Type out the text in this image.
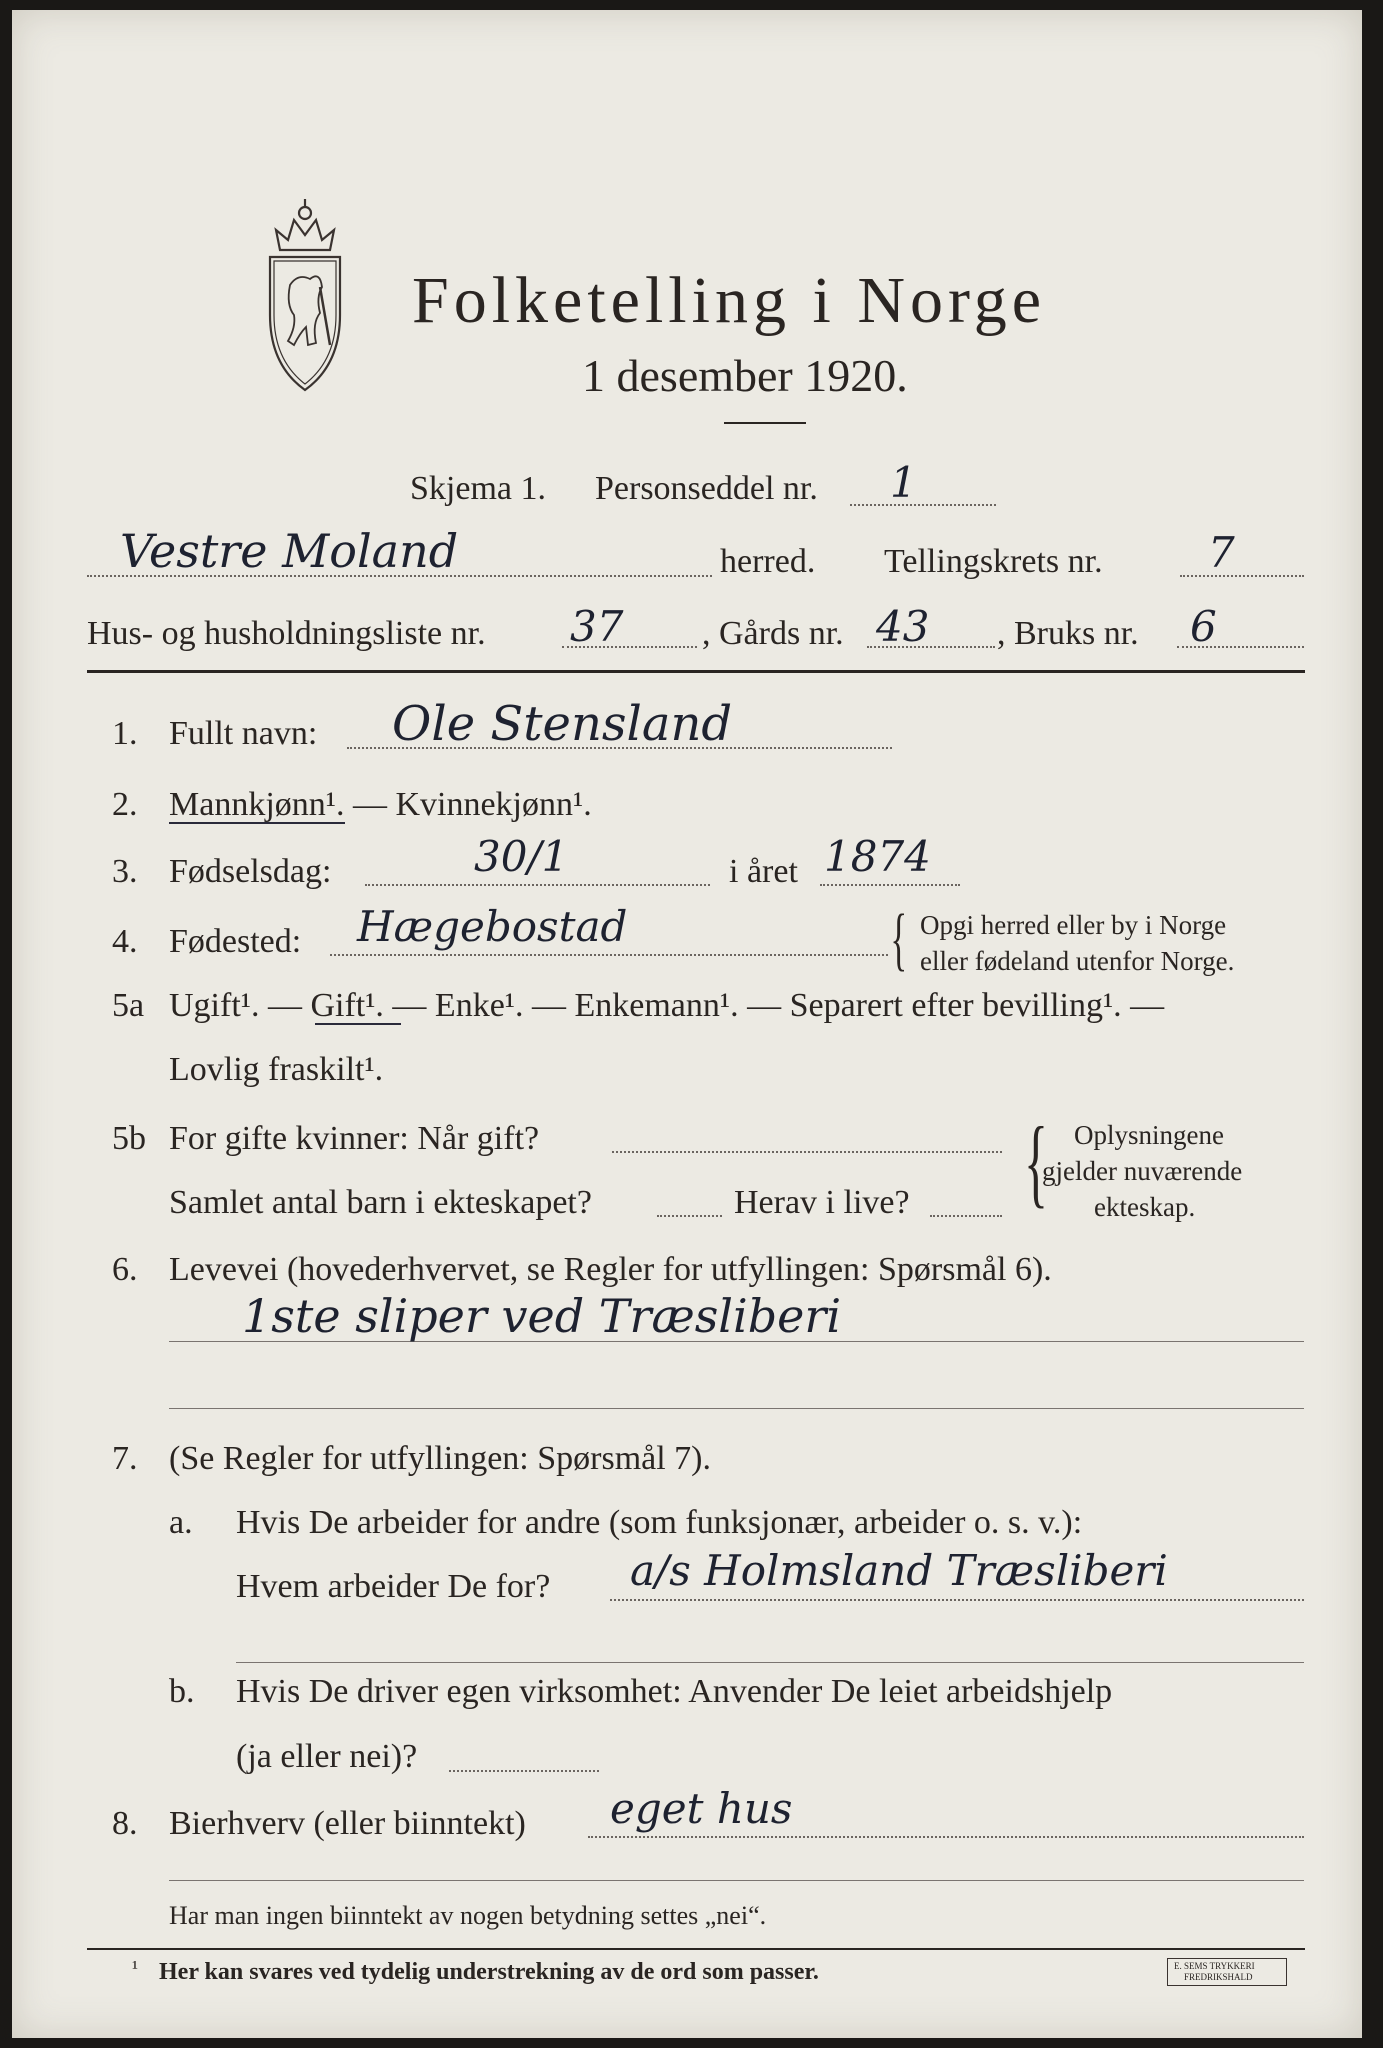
Folketelling i Norge
1 desember 1920.
Skjema 1. Personseddel nr. 1
Vestre Moland	herred. Tellingskrets nr.	7
Hus- og husholdningsliste nr. 37 , Gårds nr. 43 , Bruks nr. 6
1. Fullt navn: Ole Stensland
2. Mannkjønn¹. — Kvinnekjønn¹.
3. Fødselsdag:	30/1	i året 1874
4. Fødested: Hægebostad	{ Opgi herred eller by i Norge
eller fødeland utenfor Norge.
5a Ugift¹. — Gift¹. — Enke¹. — Enkemann¹. — Separert efter bevilling¹. —
Lovlig fraskilt¹.
5b For gifte kvinner: Når gift?
Samlet antal barn i ekteskapet?	Herav i live? { Oplysningene
gjelder nuværende
ekteskap.
6. Levevei (hovederhvervet, se Regler for utfyllingen: Spørsmål 6).
1ste sliper ved Træsliberi
7. (Se Regler for utfyllingen: Spørsmål 7).
a. Hvis De arbeider for andre (som funksjonær, arbeider o. s. v.):
Hvem arbeider De for? a/s Holmsland Træsliberi
b. Hvis De driver egen virksomhet: Anvender De leiet arbeidshjelp
(ja eller nei)?
8. Bierhverv (eller biinntekt) eget hus
Har man ingen biinntekt av nogen betydning settes „nei“.
¹ Her kan svares ved tydelig understrekning av de ord som passer.	E. SEMS TRYKKERI
FREDRIKSHALD
